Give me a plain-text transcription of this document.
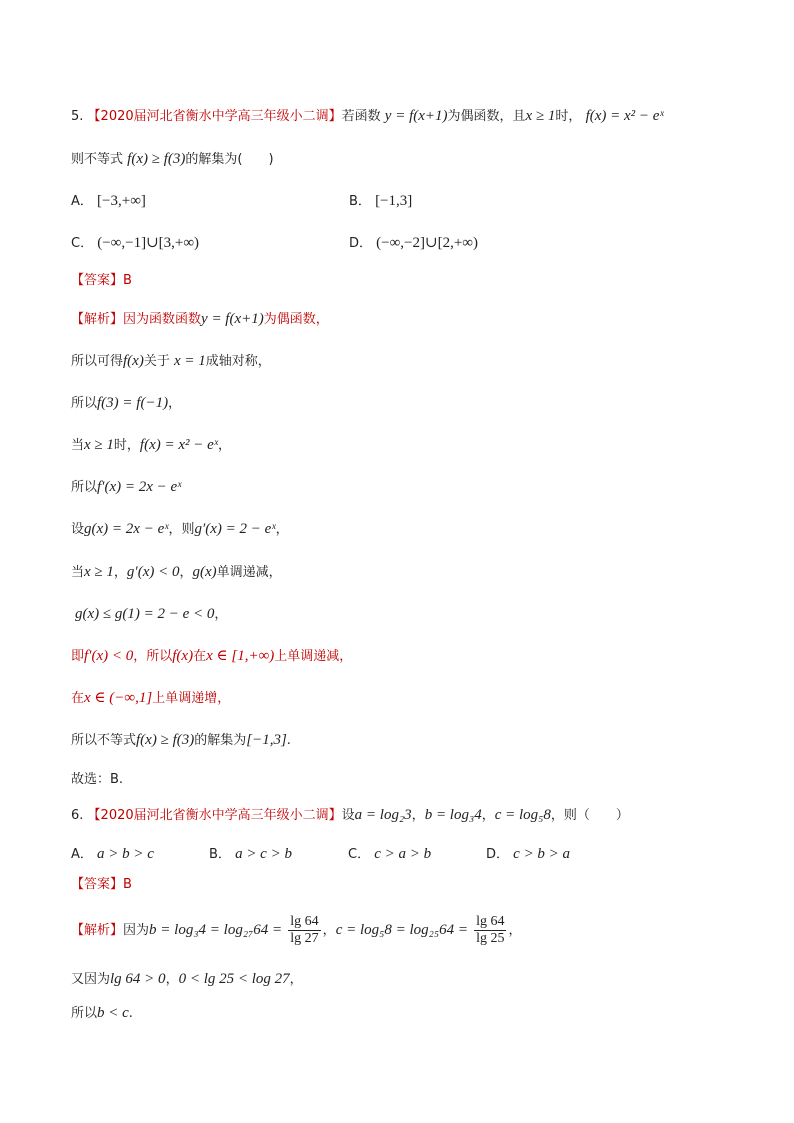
5. 【2020届河北省衡水中学高三年级小二调】若函数 y = f(x+1)为偶函数，且x ≥ 1时， f(x) = x² − eˣ
则不等式 f(x) ≥ f(3)的解集为(　　)
A． [−3,+∞]	B． [−1,3]
C． (−∞,−1]∪[3,+∞)	D． (−∞,−2]∪[2,+∞)
【答案】B
【解析】因为函数函数y = f(x+1)为偶函数，
所以可得f(x)关于 x = 1成轴对称，
所以f(3) = f(−1)，
当x ≥ 1时，f(x) = x² − eˣ，
所以f′(x) = 2x − eˣ
设g(x) = 2x − eˣ，则g′(x) = 2 − eˣ，
当x ≥ 1，g′(x) < 0，g(x)单调递减，
g(x) ≤ g(1) = 2 − e < 0，
即f′(x) < 0，所以f(x)在x ∈ [1,+∞)上单调递减，
在x ∈ (−∞,1]上单调递增，
所以不等式f(x) ≥ f(3)的解集为[−1,3].
故选：B.
6. 【2020届河北省衡水中学高三年级小二调】设a = log₂3，b = log₃4，c = log₅8，则（　　）
A． a > b > c	B． a > c > b	C． c > a > b	D． c > b > a
【答案】B
【解析】因为$b = \log_34 = \log_{27}64 = \frac{\lg 64}{\lg 27}$ ，$c = \log_58 = \log_{25}64 = \frac{\lg 64}{\lg 25}$ ，
又因为lg 64 > 0，0 < lg 25 < log 27，
所以b < c.
